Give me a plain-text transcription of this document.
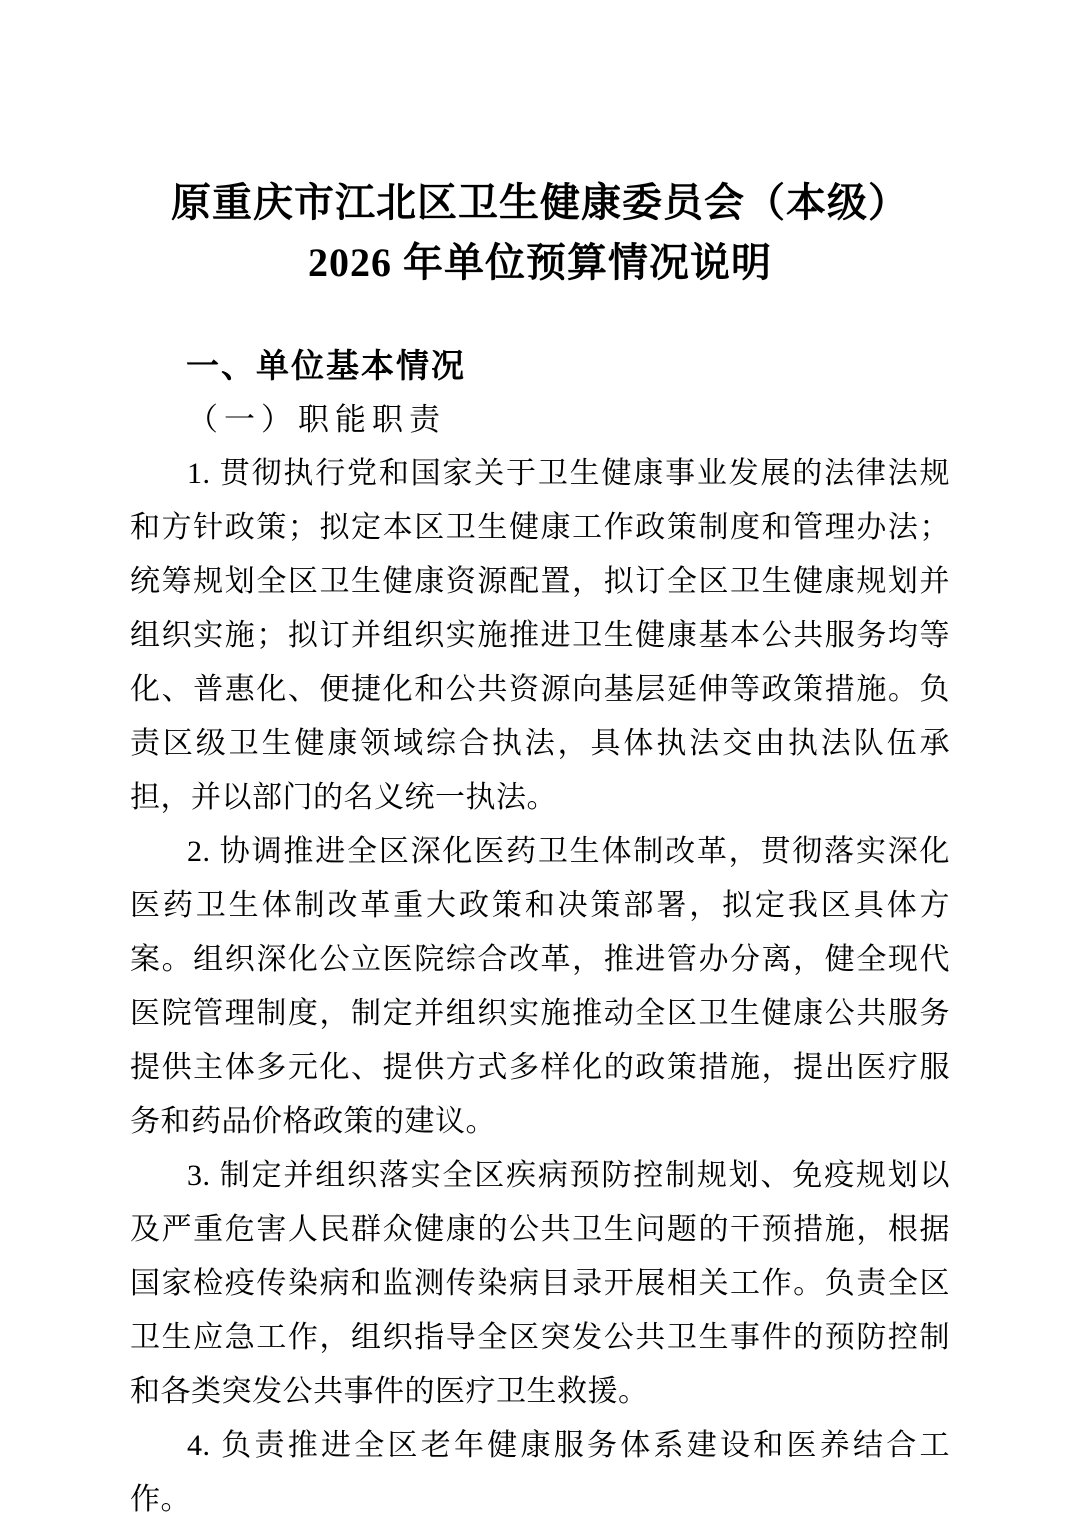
原重庆市江北区卫生健康委员会（本级）
2026 年单位预算情况说明
一、单位基本情况
（一）职能职责

1. 贯彻执行党和国家关于卫生健康事业发展的法律法规和方针政策；拟定本区卫生健康工作政策制度和管理办法；统筹规划全区卫生健康资源配置，拟订全区卫生健康规划并组织实施；拟订并组织实施推进卫生健康基本公共服务均等化、普惠化、便捷化和公共资源向基层延伸等政策措施。负责区级卫生健康领域综合执法，具体执法交由执法队伍承担，并以部门的名义统一执法。

2. 协调推进全区深化医药卫生体制改革，贯彻落实深化医药卫生体制改革重大政策和决策部署，拟定我区具体方案。组织深化公立医院综合改革，推进管办分离，健全现代医院管理制度，制定并组织实施推动全区卫生健康公共服务提供主体多元化、提供方式多样化的政策措施，提出医疗服务和药品价格政策的建议。

3. 制定并组织落实全区疾病预防控制规划、免疫规划以及严重危害人民群众健康的公共卫生问题的干预措施，根据国家检疫传染病和监测传染病目录开展相关工作。负责全区卫生应急工作，组织指导全区突发公共卫生事件的预防控制和各类突发公共事件的医疗卫生救援。

4. 负责推进全区老年健康服务体系建设和医养结合工作。
